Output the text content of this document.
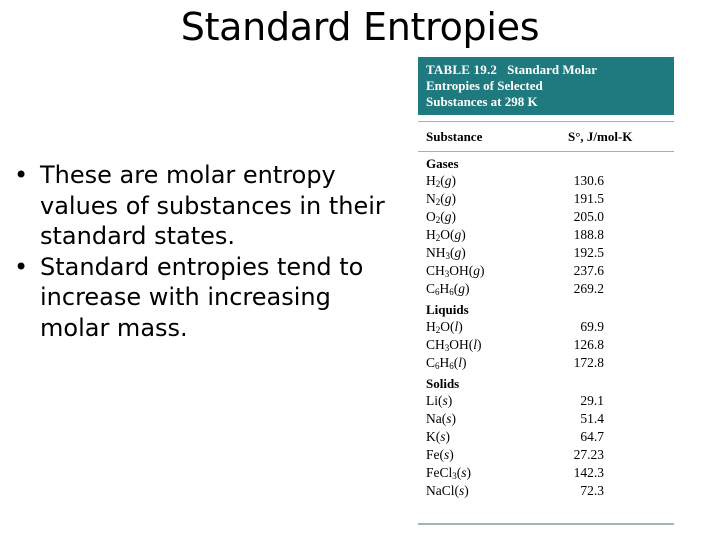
Standard Entropies
• These are molar entropy values of substances in their standard states.
• Standard entropies tend to increase with increasing molar mass.
TABLE 19.2 Standard Molar
Entropies of Selected
Substances at 298 K
Substance	S°, J/mol-K
Gases
$H_2(g)$	130.6
$N_2(g)$	191.5
$O_2(g)$	205.0
$H_2O(g)$	188.8
$NH_3(g)$	192.5
$CH_3OH(g)$	237.6
$C_6H_6(g)$	269.2
Liquids
$H_2O(l)$	69.9
$CH_3OH(l)$	126.8
$C_6H_6(l)$	172.8
Solids
Li(s)	29.1
Na(s)	51.4
K(s)	64.7
Fe(s)	27.23
FeCl$_3$(s)	142.3
NaCl(s)	72.3
